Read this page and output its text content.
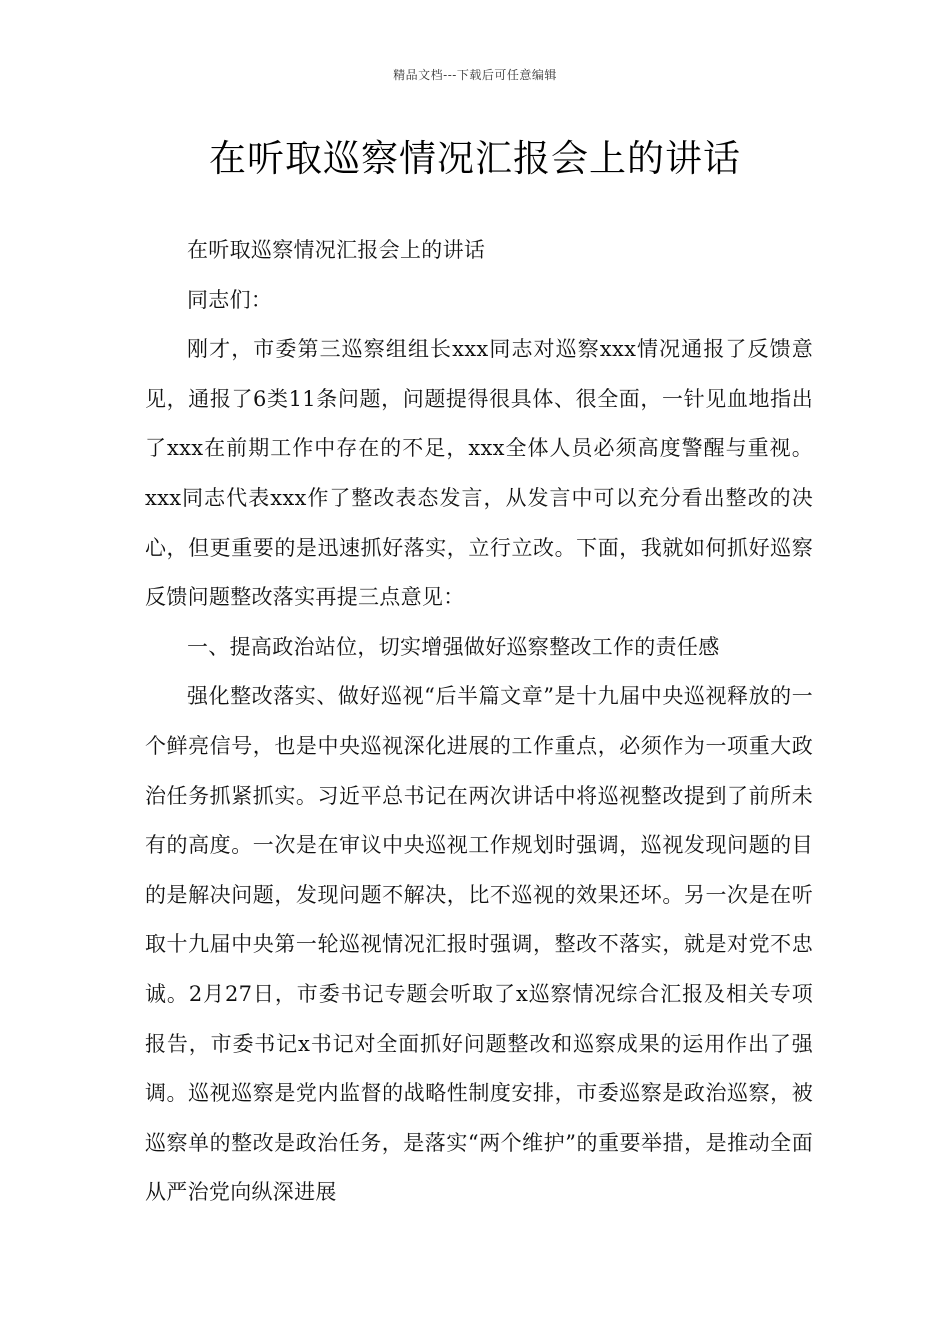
精品文档---下载后可任意编辑
在听取巡察情况汇报会上的讲话

在听取巡察情况汇报会上的讲话

同志们：

刚才，市委第三巡察组组长xxx同志对巡察xxx情况通报了反馈意见，通报了6类11条问题，问题提得很具体、很全面，一针见血地指出了xxx在前期工作中存在的不足，xxx全体人员必须高度警醒与重视。xxx同志代表xxx作了整改表态发言，从发言中可以充分看出整改的决心，但更重要的是迅速抓好落实，立行立改。下面，我就如何抓好巡察反馈问题整改落实再提三点意见：

一、提高政治站位，切实增强做好巡察整改工作的责任感

强化整改落实、做好巡视“后半篇文章”是十九届中央巡视释放的一个鲜亮信号，也是中央巡视深化进展的工作重点，必须作为一项重大政治任务抓紧抓实。习近平总书记在两次讲话中将巡视整改提到了前所未有的高度。一次是在审议中央巡视工作规划时强调，巡视发现问题的目的是解决问题，发现问题不解决，比不巡视的效果还坏。另一次是在听取十九届中央第一轮巡视情况汇报时强调，整改不落实，就是对党不忠诚。2月27日，市委书记专题会听取了x巡察情况综合汇报及相关专项报告，市委书记x书记对全面抓好问题整改和巡察成果的运用作出了强调。巡视巡察是党内监督的战略性制度安排，市委巡察是政治巡察，被巡察单的整改是政治任务，是落实“两个维护”的重要举措，是推动全面从严治党向纵深进展
